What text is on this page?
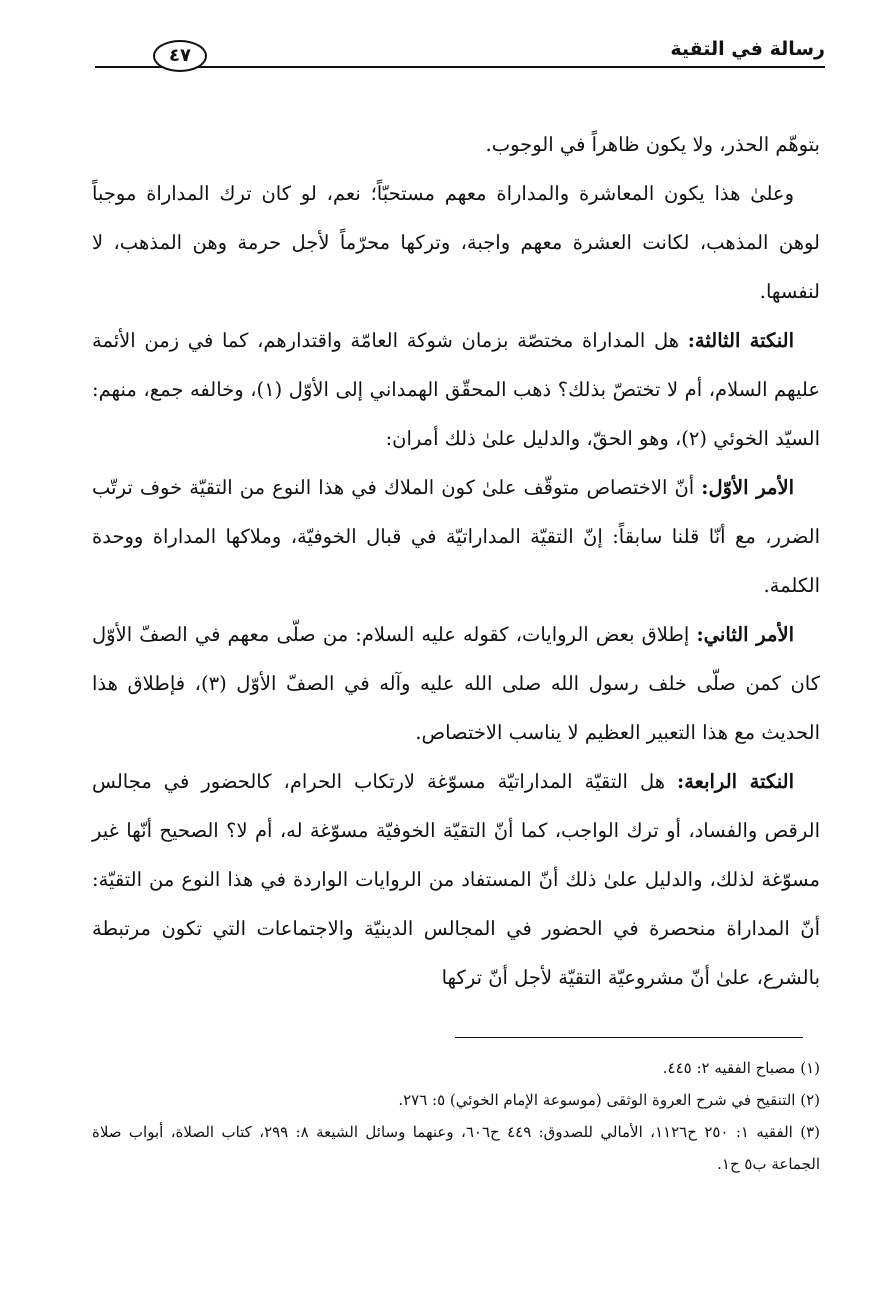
رسالة في التقية
٤٧

بتوهّم الحذر، ولا يكون ظاهراً في الوجوب.

وعلىٰ هذا يكون المعاشرة والمداراة معهم مستحبّاً؛ نعم، لو كان ترك المداراة موجباً لوهن المذهب، لكانت العشرة معهم واجبة، وتركها محرّماً لأجل حرمة وهن المذهب، لا لنفسها.

النكتة الثالثة: هل المداراة مختصّة بزمان شوكة العامّة واقتدارهم، كما في زمن الأئمة عليهم السلام، أم لا تختصّ بذلك؟ ذهب المحقّق الهمداني إلى الأوّل (١)، وخالفه جمع، منهم: السيّد الخوئي (٢)، وهو الحقّ، والدليل علىٰ ذلك أمران:

الأمر الأوّل: أنّ الاختصاص متوقّف علىٰ كون الملاك في هذا النوع من التقيّة خوف ترتّب الضرر، مع أنّا قلنا سابقاً: إنّ التقيّة المداراتيّة في قبال الخوفيّة، وملاكها المداراة ووحدة الكلمة.

الأمر الثاني: إطلاق بعض الروايات، كقوله عليه السلام: من صلّى معهم في الصفّ الأوّل كان كمن صلّى خلف رسول الله صلى الله عليه وآله في الصفّ الأوّل (٣)، فإطلاق هذا الحديث مع هذا التعبير العظيم لا يناسب الاختصاص.

النكتة الرابعة: هل التقيّة المداراتيّة مسوّغة لارتكاب الحرام، كالحضور في مجالس الرقص والفساد، أو ترك الواجب، كما أنّ التقيّة الخوفيّة مسوّغة له، أم لا؟ الصحيح أنّها غير مسوّغة لذلك، والدليل علىٰ ذلك أنّ المستفاد من الروايات الواردة في هذا النوع من التقيّة: أنّ المداراة منحصرة في الحضور في المجالس الدينيّة والاجتماعات التي تكون مرتبطة بالشرع، علىٰ أنّ مشروعيّة التقيّة لأجل أنّ تركها

(١) مصباح الفقيه ٢: ٤٤٥.

(٢) التنقيح في شرح العروة الوثقى (موسوعة الإمام الخوئي) ٥: ٢٧٦.

(٣) الفقيه ١: ٢٥٠ ح١١٢٦، الأمالي للصدوق: ٤٤٩ ح٦٠٦، وعنهما وسائل الشيعة ٨: ٢٩٩، كتاب الصلاة، أبواب صلاة الجماعة ب٥ ح١.
